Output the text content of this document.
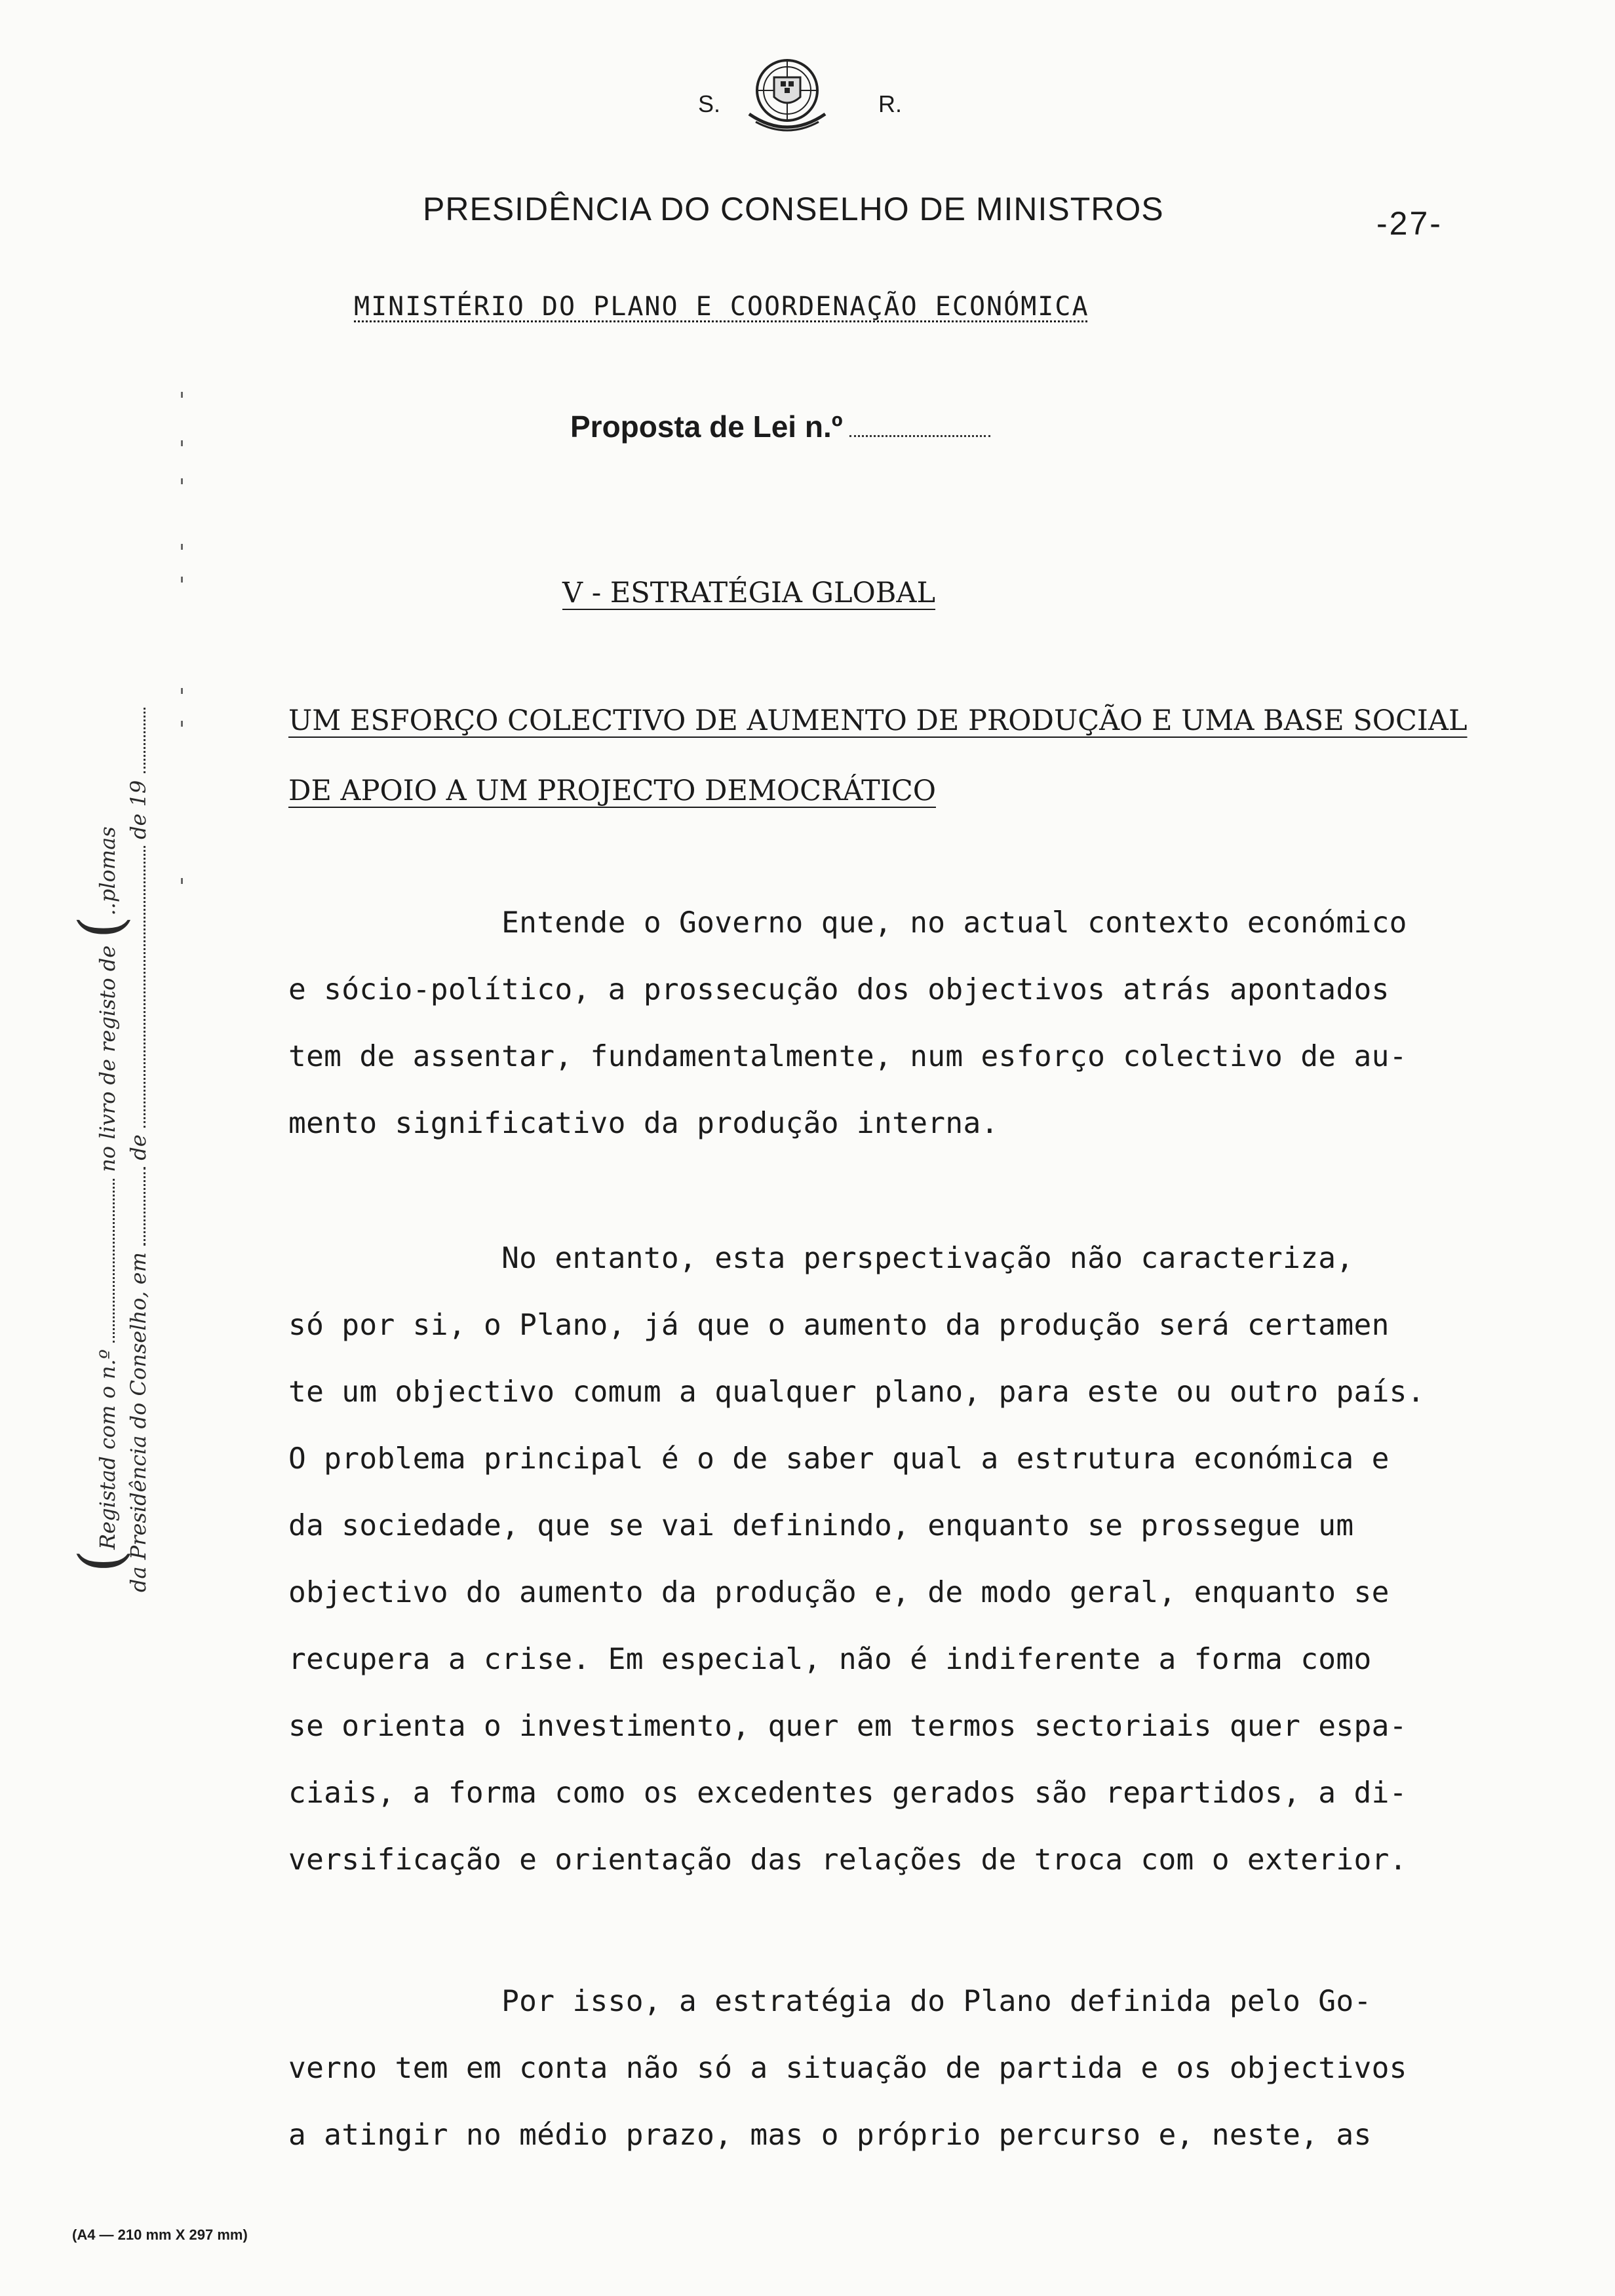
S.	R.
PRESIDÊNCIA DO CONSELHO DE MINISTROS	-27-
MINISTÉRIO DO PLANO E COORDENAÇÃO ECONÓMICA
Proposta de Lei n.º
V - ESTRATÉGIA GLOBAL
UM ESFORÇO COLECTIVO DE AUMENTO DE PRODUÇÃO E UMA BASE SOCIAL
DE APOIO A UM PROJECTO DEMOCRÁTICO
Entende o Governo que, no actual contexto económico
e sócio-político, a prossecução dos objectivos atrás apontados
tem de assentar, fundamentalmente, num esforço colectivo de au-
mento significativo da produção interna.
No entanto, esta perspectivação não caracteriza,
só por si, o Plano, já que o aumento da produção será certamen
te um objectivo comum a qualquer plano, para este ou outro país.
O problema principal é o de saber qual a estrutura económica e
da sociedade, que se vai definindo, enquanto se prossegue um
objectivo do aumento da produção e, de modo geral, enquanto se
recupera a crise. Em especial, não é indiferente a forma como
se orienta o investimento, quer em termos sectoriais quer espa-
ciais, a forma como os excedentes gerados são repartidos, a di-
versificação e orientação das relações de troca com o exterior.
Por isso, a estratégia do Plano definida pelo Go-
verno tem em conta não só a situação de partida e os objectivos
a atingir no médio prazo, mas o próprio percurso e, neste, as
(Registad com o n.º  no livro de registo de (..plomas
da Presidência do Conselho, em  de  de 19
(A4 — 210 mm X 297 mm)
